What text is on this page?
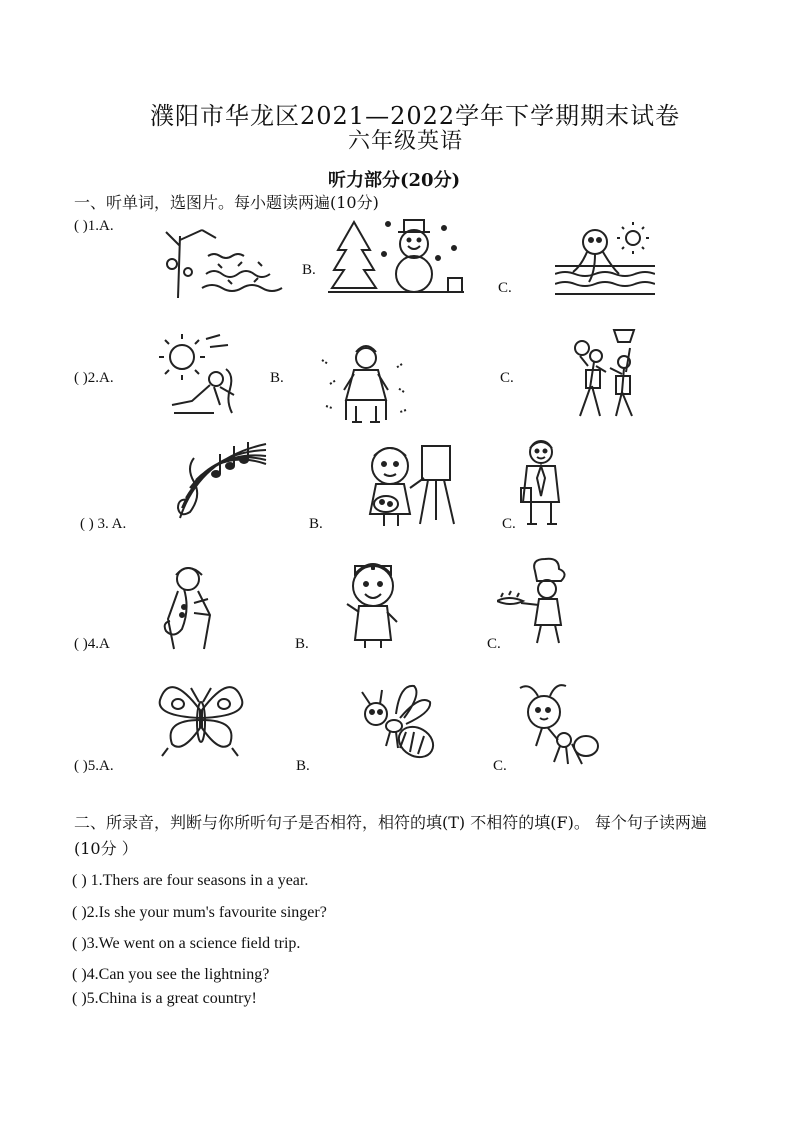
濮阳市华龙区2021—2022学年下学期期末试卷
六年级英语
听力部分(20分)
一、听单词，选图片。每小题读两遍(10分)
( )1.A.
B.
C.
( )2.A.	B.	C.
( ) 3. A.	B.	C.
( )4.A	B.	C.
( )5.A.	B.	C.
二、所录音，判断与你所听句子是否相符，相符的填(T) 不相符的填(F)。 每个句子读两遍(10分 ）
( ) 1.Thers are four seasons in a year.
( )2.Is she your mum's favourite singer?
( )3.We went on a science field trip.
( )4.Can you see the lightning?
( )5.China is a great country!
